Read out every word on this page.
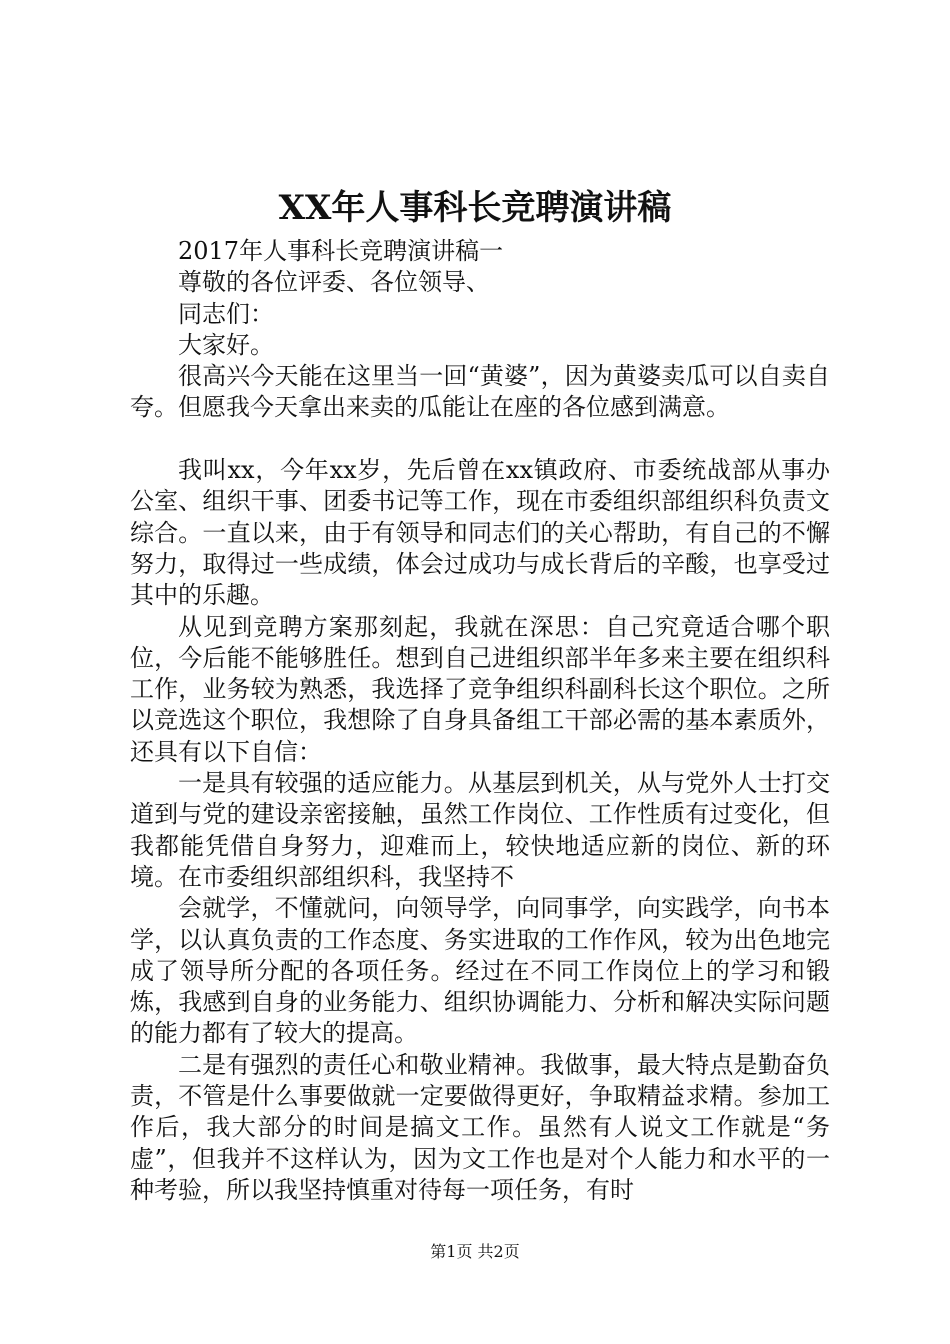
XX年人事科长竞聘演讲稿

2017年人事科长竞聘演讲稿一

尊敬的各位评委、各位领导、

同志们：

大家好。

很高兴今天能在这里当一回“黄婆”，因为黄婆卖瓜可以自卖自夸。但愿我今天拿出来卖的瓜能让在座的各位感到满意。

我叫xx，今年xx岁，先后曾在xx镇政府、市委统战部从事办公室、组织干事、团委书记等工作，现在市委组织部组织科负责文综合。一直以来，由于有领导和同志们的关心帮助，有自己的不懈努力，取得过一些成绩，体会过成功与成长背后的辛酸，也享受过其中的乐趣。

从见到竞聘方案那刻起，我就在深思：自己究竟适合哪个职位，今后能不能够胜任。想到自己进组织部半年多来主要在组织科工作，业务较为熟悉，我选择了竞争组织科副科长这个职位。之所以竞选这个职位，我想除了自身具备组工干部必需的基本素质外，还具有以下自信：

一是具有较强的适应能力。从基层到机关，从与党外人士打交道到与党的建设亲密接触，虽然工作岗位、工作性质有过变化，但我都能凭借自身努力，迎难而上，较快地适应新的岗位、新的环境。在市委组织部组织科，我坚持不

会就学，不懂就问，向领导学，向同事学，向实践学，向书本学，以认真负责的工作态度、务实进取的工作作风，较为出色地完成了领导所分配的各项任务。经过在不同工作岗位上的学习和锻炼，我感到自身的业务能力、组织协调能力、分析和解决实际问题的能力都有了较大的提高。

二是有强烈的责任心和敬业精神。我做事，最大特点是勤奋负责，不管是什么事要做就一定要做得更好，争取精益求精。参加工作后，我大部分的时间是搞文工作。虽然有人说文工作就是“务虚”，但我并不这样认为，因为文工作也是对个人能力和水平的一种考验，所以我坚持慎重对待每一项任务，有时

第1页 共2页
